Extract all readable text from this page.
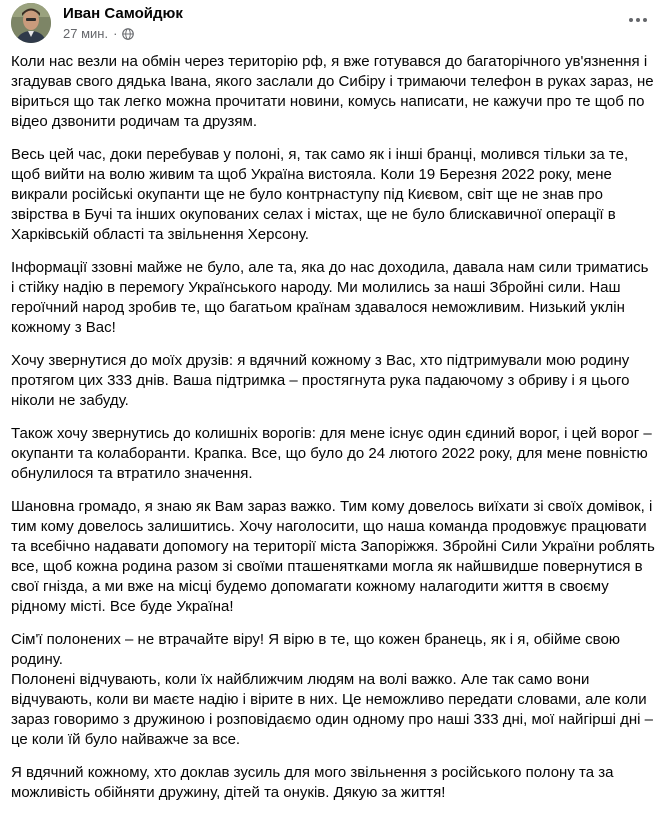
Иван Самойдюк
27 мин. ·

Коли нас везли на обмін через територію рф, я вже готувався до багаторічного ув'язнення і згадував свого дядька Івана, якого заслали до Сибіру і тримаючи телефон в руках зараз, не віриться що так легко можна прочитати новини, комусь написати, не кажучи про те щоб по відео дзвонити родичам та друзям.

Весь цей час, доки перебував у полоні, я, так само як і інші бранці, молився тільки за те, щоб вийти на волю живим та щоб Україна вистояла. Коли 19 Березня 2022 року, мене викрали російські окупанти ще не було контрнаступу під Києвом, світ ще не знав про звірства в Бучі та інших окупованих селах і містах, ще не було блискавичної операції в Харківській області та звільнення Херсону.

Інформації ззовні майже не було, але та, яка до нас доходила, давала нам сили триматись і стійку надію в перемогу Українського народу. Ми молились за наші Збройні сили. Наш героїчний народ зробив те, що багатьом країнам здавалося неможливим. Низький уклін кожному з Вас!

Хочу звернутися до моїх друзів: я вдячний кожному з Вас, хто підтримували мою родину протягом цих 333 днів. Ваша підтримка – простягнута рука падаючому з обриву і я цього ніколи не забуду.

Також хочу звернутись до колишніх ворогів: для мене існує один єдиний ворог, і цей ворог – окупанти та колаборанти. Крапка. Все, що було до 24 лютого 2022 року, для мене повністю обнулилося та втратило значення.

Шановна громадо, я знаю як Вам зараз важко. Тим кому довелось виїхати зі своїх домівок, і тим кому довелось залишитись. Хочу наголосити, що наша команда продовжує працювати та всебічно надавати допомогу на території міста Запоріжжя. Збройні Сили України роблять все, щоб кожна родина разом зі своїми пташенятками могла як найшвидше повернутися в свої гнізда, а ми вже на місці будемо допомагати кожному налагодити життя в своєму рідному місті. Все буде Україна!

Сім'ї полонених – не втрачайте віру! Я вірю в те, що кожен бранець, як і я, обійме свою родину.

Полонені відчувають, коли їх найближчим людям на волі важко. Але так само вони відчувають, коли ви маєте надію і вірите в них. Це неможливо передати словами, але коли зараз говоримо з дружиною і розповідаємо один одному про наші 333 дні, мої найгірші дні – це коли їй було найважче за все.

Я вдячний кожному, хто доклав зусиль для мого звільнення з російського полону та за можливість обійняти дружину, дітей та онуків. Дякую за життя!
